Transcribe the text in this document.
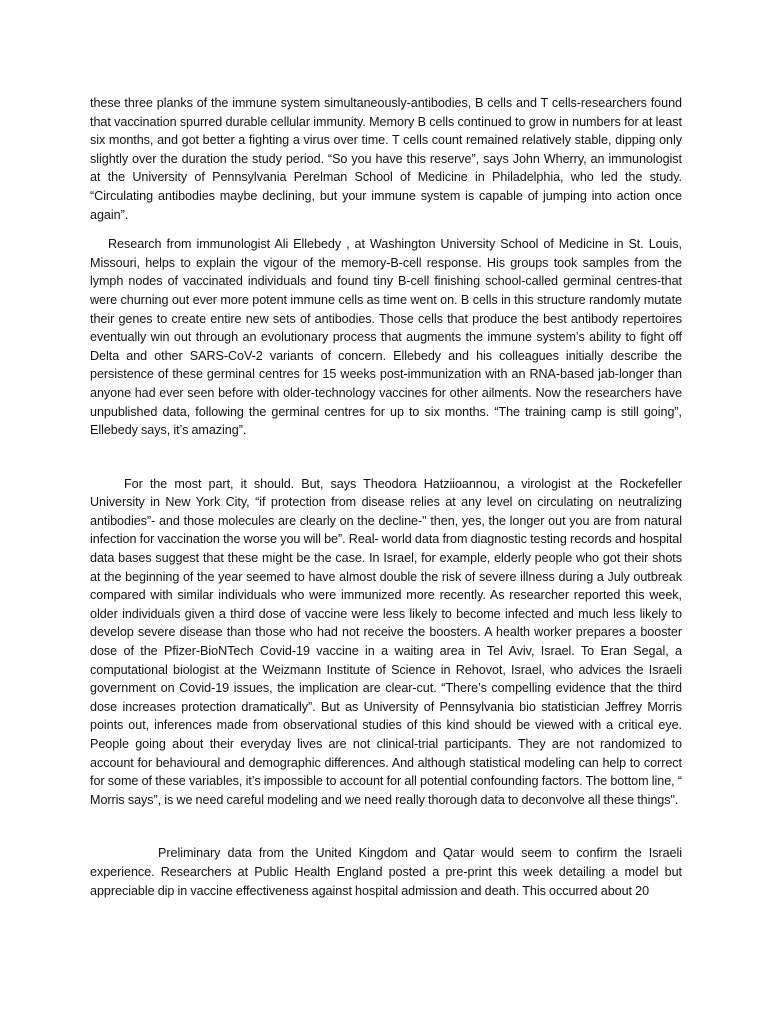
these three planks of the immune system simultaneously-antibodies, B cells and T cells-researchers found that vaccination spurred durable cellular immunity. Memory B cells continued to grow in numbers for at least six months, and got better a fighting a virus over time. T cells count remained relatively stable, dipping only slightly over the duration the study period. “So you have this reserve”, says John Wherry, an immunologist at the University of Pennsylvania Perelman School of Medicine in Philadelphia, who led the study. “Circulating antibodies maybe declining, but your immune system is capable of jumping into action once again”.

Research from immunologist Ali Ellebedy , at Washington University School of Medicine in St. Louis, Missouri, helps to explain the vigour of the memory-B-cell response. His groups took samples from the lymph nodes of vaccinated individuals and found tiny B-cell finishing school-called germinal centres-that were churning out ever more potent immune cells as time went on. B cells in this structure randomly mutate their genes to create entire new sets of antibodies. Those cells that produce the best antibody repertoires eventually win out through an evolutionary process that augments the immune system’s ability to fight off Delta and other SARS-CoV-2 variants of concern. Ellebedy and his colleagues initially describe the persistence of these germinal centres for 15 weeks post-immunization with an RNA-based jab-longer than anyone had ever seen before with older-technology vaccines for other ailments. Now the researchers have unpublished data, following the germinal centres for up to six months. “The training camp is still going”, Ellebedy says, it’s amazing”.

For the most part, it should. But, says Theodora Hatziioannou, a virologist at the Rockefeller University in New York City, “if protection from disease relies at any level on circulating on neutralizing antibodies”- and those molecules are clearly on the decline-" then, yes, the longer out you are from natural infection for vaccination the worse you will be”. Real- world data from diagnostic testing records and hospital data bases suggest that these might be the case. In Israel, for example, elderly people who got their shots at the beginning of the year seemed to have almost double the risk of severe illness during a July outbreak compared with similar individuals who were immunized more recently. As researcher reported this week, older individuals given a third dose of vaccine were less likely to become infected and much less likely to develop severe disease than those who had not receive the boosters. A health worker prepares a booster dose of the Pfizer-BioNTech Covid-19 vaccine in a waiting area in Tel Aviv, Israel. To Eran Segal, a computational biologist at the Weizmann Institute of Science in Rehovot, Israel, who advices the Israeli government on Covid-19 issues, the implication are clear-cut. “There’s compelling evidence that the third dose increases protection dramatically”. But as University of Pennsylvania bio statistician Jeffrey Morris points out, inferences made from observational studies of this kind should be viewed with a critical eye. People going about their everyday lives are not clinical-trial participants. They are not randomized to account for behavioural and demographic differences. And although statistical modeling can help to correct for some of these variables, it’s impossible to account for all potential confounding factors. The bottom line, “ Morris says”, is we need careful modeling and we need really thorough data to deconvolve all these things".

Preliminary data from the United Kingdom and Qatar would seem to confirm the Israeli experience. Researchers at Public Health England posted a pre-print this week detailing a model but appreciable dip in vaccine effectiveness against hospital admission and death. This occurred about 20
